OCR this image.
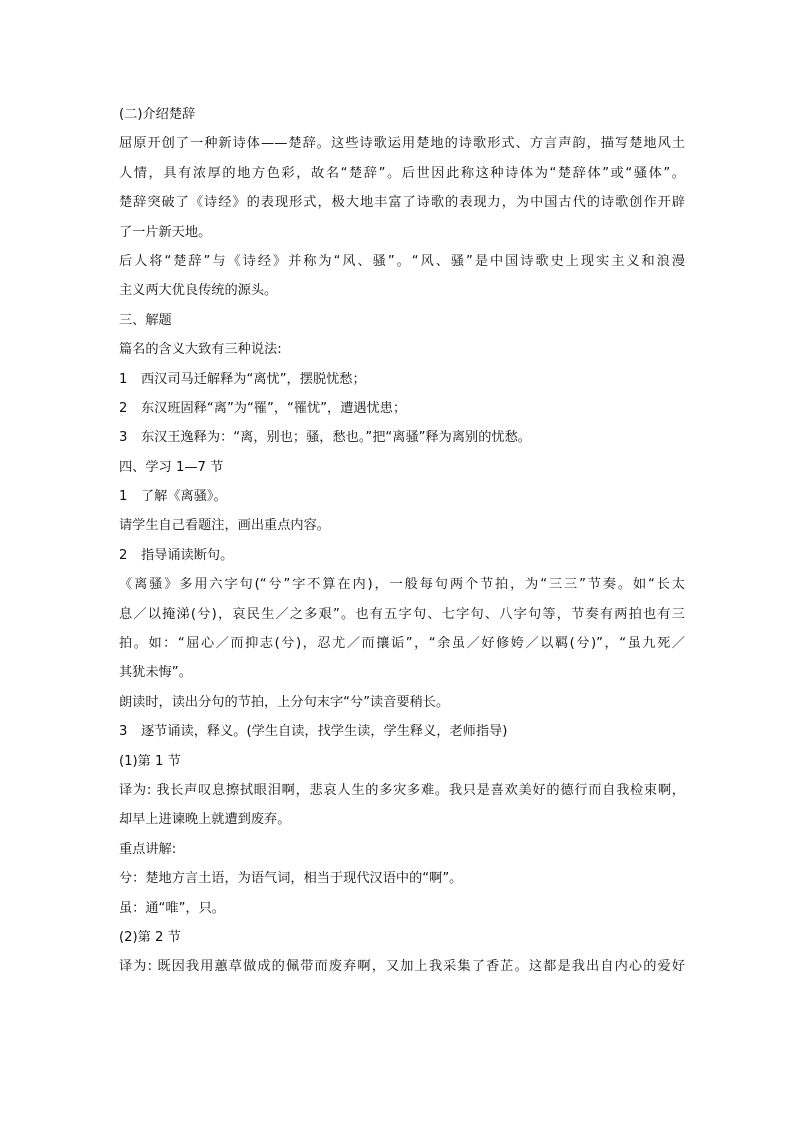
(二)介绍楚辞
屈原开创了一种新诗体——楚辞。这些诗歌运用楚地的诗歌形式、方言声韵，描写楚地风土
人情，具有浓厚的地方色彩，故名“楚辞”。后世因此称这种诗体为“楚辞体”或“骚体”。
楚辞突破了《诗经》的表现形式，极大地丰富了诗歌的表现力，为中国古代的诗歌创作开辟
了一片新天地。
后人将“楚辞”与《诗经》并称为“风、骚”。“风、骚”是中国诗歌史上现实主义和浪漫
主义两大优良传统的源头。
三、解题
篇名的含义大致有三种说法:
1 西汉司马迁解释为“离忧”，摆脱忧愁；
2 东汉班固释“离”为“罹”，“罹忧”，遭遇忧患；
3 东汉王逸释为：“离，别也；骚，愁也。”把“离骚”释为离别的忧愁。
四、学习 1—7 节
1 了解《离骚》。
请学生自己看题注，画出重点内容。
2 指导诵读断句。
《离骚》多用六字句(“兮”字不算在内)，一般每句两个节拍，为“三三”节奏。如“长太
息／以掩涕(兮)，哀民生／之多艰”。也有五字句、七字句、八字句等，节奏有两拍也有三
拍。如：“屈心／而抑志(兮)，忍尤／而攘诟”，“余虽／好修姱／以羁(兮)”，“虽九死／
其犹未悔”。
朗读时，读出分句的节拍，上分句末字“兮”读音要稍长。
3 逐节诵读，释义。(学生自读，找学生读，学生释义，老师指导)
(1)第 1 节
译为: 我长声叹息擦拭眼泪啊，悲哀人生的多灾多难。我只是喜欢美好的德行而自我检束啊，
却早上进谏晚上就遭到废弃。
重点讲解:
兮：楚地方言土语，为语气词，相当于现代汉语中的“啊”。
虽：通“唯”，只。
(2)第 2 节
译为: 既因我用蕙草做成的佩带而废弃啊，又加上我采集了香芷。这都是我出自内心的爱好
